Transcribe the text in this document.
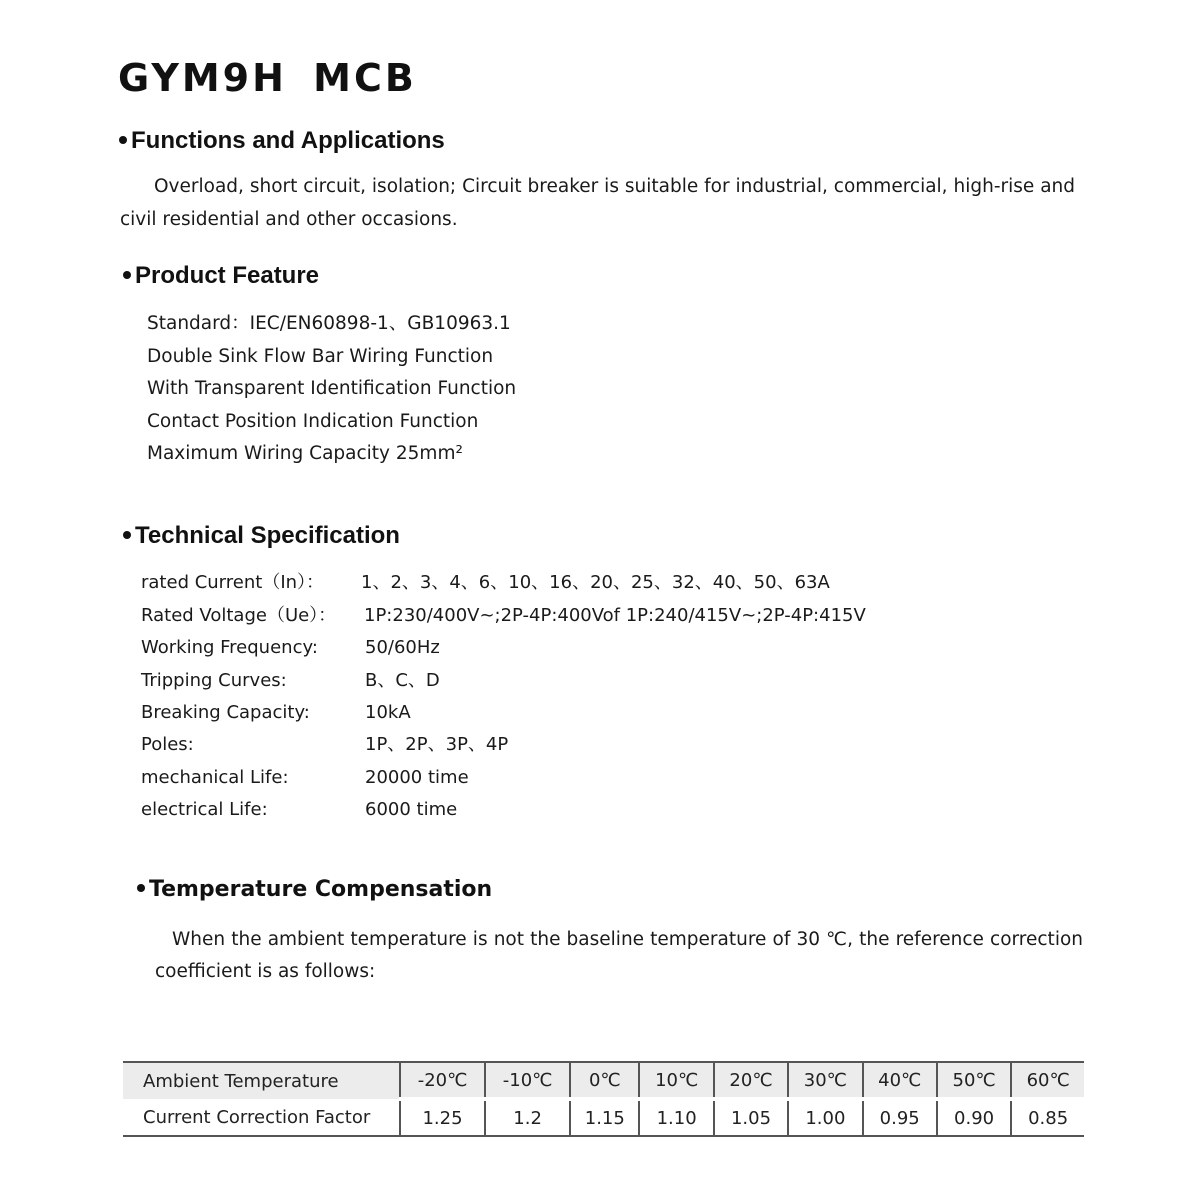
GYM9H MCB
Functions and Applications
Overload, short circuit, isolation; Circuit breaker is suitable for industrial, commercial, high-rise and civil residential and other occasions.
Product Feature
Standard：IEC/EN60898-1、GB10963.1
Double Sink Flow Bar Wiring Function
With Transparent Identification Function
Contact Position Indication Function
Maximum Wiring Capacity 25mm²
Technical Specification
rated Current（In）： 1、2、3、4、6、10、16、20、25、32、40、50、63A
Rated Voltage（Ue）： 1P:230/400V~;2P-4P:400Vof 1P:240/415V~;2P-4P:415V
Working Frequency:	50/60Hz
Tripping Curves:	B、C、D
Breaking Capacity:	10kA
Poles:	1P、2P、3P、4P
mechanical Life:	20000 time
electrical Life:	6000 time
Temperature Compensation
When the ambient temperature is not the baseline temperature of 30 ℃, the reference correction coefficient is as follows:
Ambient Temperature	-20℃	-10℃	0℃	10℃	20℃	30℃	40℃	50℃	60℃
Current Correction Factor	1.25	1.2	1.15	1.10	1.05	1.00	0.95	0.90	0.85
